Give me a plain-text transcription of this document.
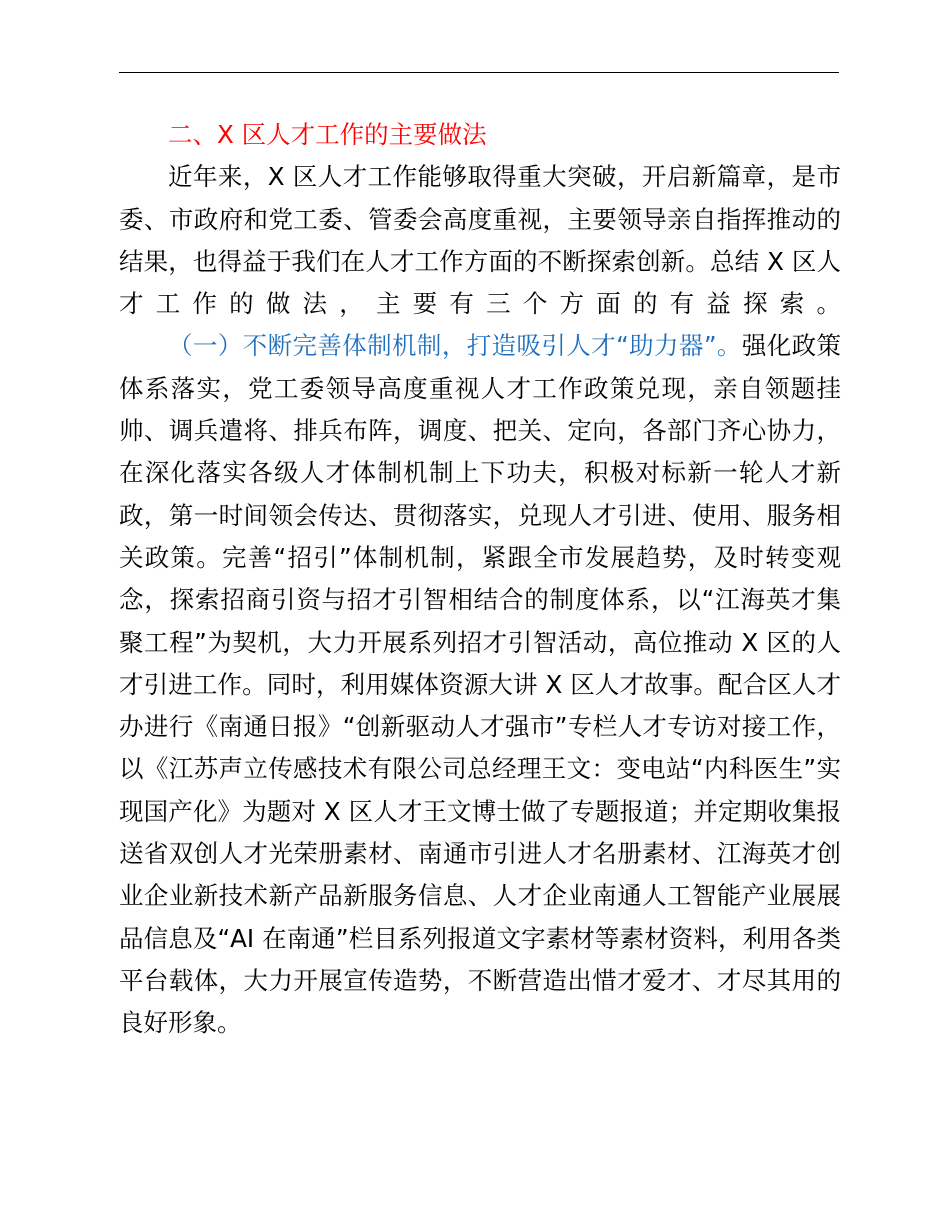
二、X 区人才工作的主要做法

近年来，X 区人才工作能够取得重大突破，开启新篇章，是市委、市政府和党工委、管委会高度重视，主要领导亲自指挥推动的结果，也得益于我们在人才工作方面的不断探索创新。总结 X 区人才工作的做法，主要有三个方面的有益探索。

（一）不断完善体制机制，打造吸引人才“助力器”。强化政策体系落实，党工委领导高度重视人才工作政策兑现，亲自领题挂帅、调兵遣将、排兵布阵，调度、把关、定向，各部门齐心协力，在深化落实各级人才体制机制上下功夫，积极对标新一轮人才新政，第一时间领会传达、贯彻落实，兑现人才引进、使用、服务相关政策。完善“招引”体制机制，紧跟全市发展趋势，及时转变观念，探索招商引资与招才引智相结合的制度体系，以“江海英才集聚工程”为契机，大力开展系列招才引智活动，高位推动 X 区的人才引进工作。同时，利用媒体资源大讲 X 区人才故事。配合区人才办进行《南通日报》“创新驱动人才强市”专栏人才专访对接工作，以《江苏声立传感技术有限公司总经理王文：变电站“内科医生”实现国产化》为题对 X 区人才王文博士做了专题报道；并定期收集报送省双创人才光荣册素材、南通市引进人才名册素材、江海英才创业企业新技术新产品新服务信息、人才企业南通人工智能产业展展品信息及“AI 在南通”栏目系列报道文字素材等素材资料，利用各类平台载体，大力开展宣传造势，不断营造出惜才爱才、才尽其用的良好形象。
